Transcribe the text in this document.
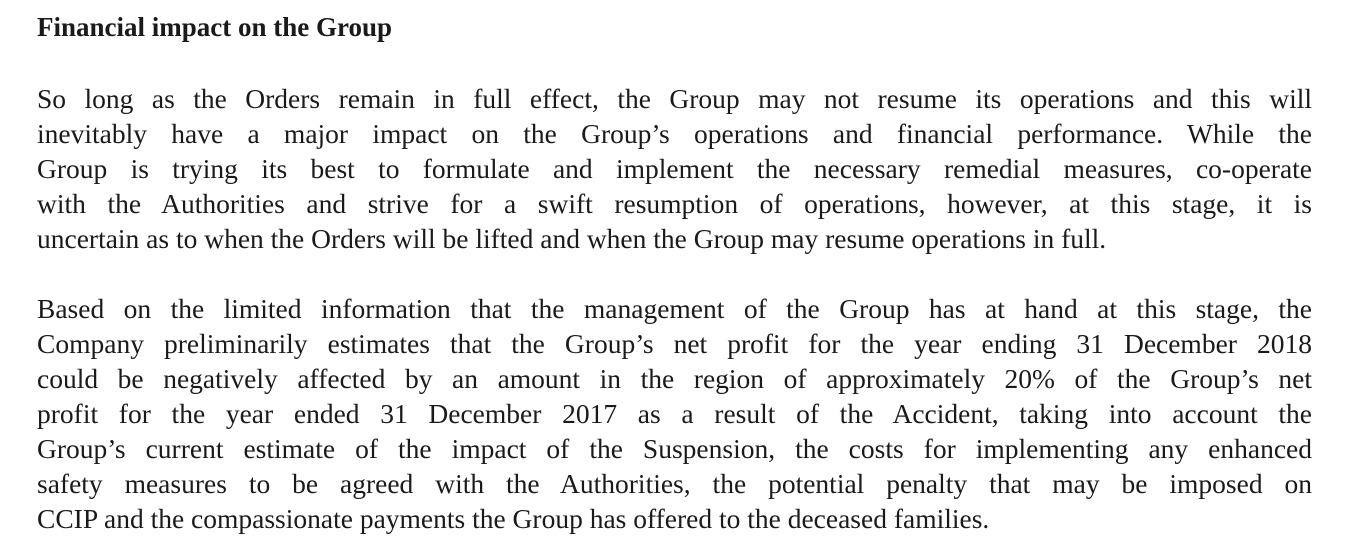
Financial impact on the Group

So long as the Orders remain in full effect, the Group may not resume its operations and this will
inevitably have a major impact on the Group’s operations and financial performance. While the
Group is trying its best to formulate and implement the necessary remedial measures, co-operate
with the Authorities and strive for a swift resumption of operations, however, at this stage, it is
uncertain as to when the Orders will be lifted and when the Group may resume operations in full.

Based on the limited information that the management of the Group has at hand at this stage, the
Company preliminarily estimates that the Group’s net profit for the year ending 31 December 2018
could be negatively affected by an amount in the region of approximately 20% of the Group’s net
profit for the year ended 31 December 2017 as a result of the Accident, taking into account the
Group’s current estimate of the impact of the Suspension, the costs for implementing any enhanced
safety measures to be agreed with the Authorities, the potential penalty that may be imposed on
CCIP and the compassionate payments the Group has offered to the deceased families.
